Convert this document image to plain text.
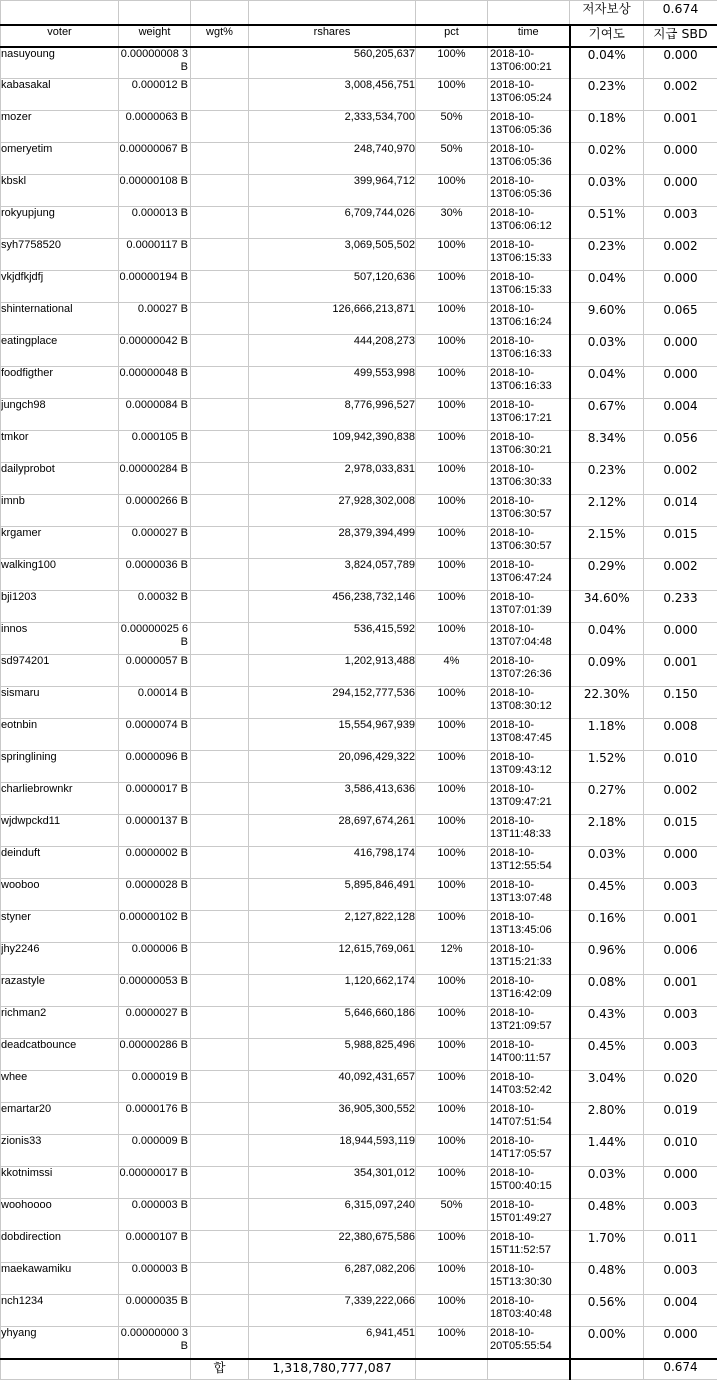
						저자보상	0.674
voter	weight	wgt%	rshares	pct	time	기여도	지급 SBD
nasuyoung	0.00000008 3 B		560,205,637	100%	2018-10-13T06:00:21	0.04%	0.000
kabasakal	0.000012 B		3,008,456,751	100%	2018-10-13T06:05:24	0.23%	0.002
mozer	0.0000063 B		2,333,534,700	50%	2018-10-13T06:05:36	0.18%	0.001
omeryetim	0.00000067 B		248,740,970	50%	2018-10-13T06:05:36	0.02%	0.000
kbskl	0.00000108 B		399,964,712	100%	2018-10-13T06:05:36	0.03%	0.000
rokyupjung	0.000013 B		6,709,744,026	30%	2018-10-13T06:06:12	0.51%	0.003
syh7758520	0.0000117 B		3,069,505,502	100%	2018-10-13T06:15:33	0.23%	0.002
vkjdfkjdfj	0.00000194 B		507,120,636	100%	2018-10-13T06:15:33	0.04%	0.000
shinternational	0.00027 B		126,666,213,871	100%	2018-10-13T06:16:24	9.60%	0.065
eatingplace	0.00000042 B		444,208,273	100%	2018-10-13T06:16:33	0.03%	0.000
foodfigther	0.00000048 B		499,553,998	100%	2018-10-13T06:16:33	0.04%	0.000
jungch98	0.0000084 B		8,776,996,527	100%	2018-10-13T06:17:21	0.67%	0.004
tmkor	0.000105 B		109,942,390,838	100%	2018-10-13T06:30:21	8.34%	0.056
dailyprobot	0.00000284 B		2,978,033,831	100%	2018-10-13T06:30:33	0.23%	0.002
imnb	0.0000266 B		27,928,302,008	100%	2018-10-13T06:30:57	2.12%	0.014
krgamer	0.000027 B		28,379,394,499	100%	2018-10-13T06:30:57	2.15%	0.015
walking100	0.0000036 B		3,824,057,789	100%	2018-10-13T06:47:24	0.29%	0.002
bji1203	0.00032 B		456,238,732,146	100%	2018-10-13T07:01:39	34.60%	0.233
innos	0.00000025 6 B		536,415,592	100%	2018-10-13T07:04:48	0.04%	0.000
sd974201	0.0000057 B		1,202,913,488	4%	2018-10-13T07:26:36	0.09%	0.001
sismaru	0.00014 B		294,152,777,536	100%	2018-10-13T08:30:12	22.30%	0.150
eotnbin	0.0000074 B		15,554,967,939	100%	2018-10-13T08:47:45	1.18%	0.008
springlining	0.0000096 B		20,096,429,322	100%	2018-10-13T09:43:12	1.52%	0.010
charliebrownkr	0.0000017 B		3,586,413,636	100%	2018-10-13T09:47:21	0.27%	0.002
wjdwpckd11	0.0000137 B		28,697,674,261	100%	2018-10-13T11:48:33	2.18%	0.015
deinduft	0.0000002 B		416,798,174	100%	2018-10-13T12:55:54	0.03%	0.000
wooboo	0.0000028 B		5,895,846,491	100%	2018-10-13T13:07:48	0.45%	0.003
styner	0.00000102 B		2,127,822,128	100%	2018-10-13T13:45:06	0.16%	0.001
jhy2246	0.000006 B		12,615,769,061	12%	2018-10-13T15:21:33	0.96%	0.006
razastyle	0.00000053 B		1,120,662,174	100%	2018-10-13T16:42:09	0.08%	0.001
richman2	0.0000027 B		5,646,660,186	100%	2018-10-13T21:09:57	0.43%	0.003
deadcatbounce	0.00000286 B		5,988,825,496	100%	2018-10-14T00:11:57	0.45%	0.003
whee	0.000019 B		40,092,431,657	100%	2018-10-14T03:52:42	3.04%	0.020
emartar20	0.0000176 B		36,905,300,552	100%	2018-10-14T07:51:54	2.80%	0.019
zionis33	0.000009 B		18,944,593,119	100%	2018-10-14T17:05:57	1.44%	0.010
kkotnimssi	0.00000017 B		354,301,012	100%	2018-10-15T00:40:15	0.03%	0.000
woohoooo	0.000003 B		6,315,097,240	50%	2018-10-15T01:49:27	0.48%	0.003
dobdirection	0.0000107 B		22,380,675,586	100%	2018-10-15T11:52:57	1.70%	0.011
maekawamiku	0.000003 B		6,287,082,206	100%	2018-10-15T13:30:30	0.48%	0.003
nch1234	0.0000035 B		7,339,222,066	100%	2018-10-18T03:40:48	0.56%	0.004
yhyang	0.00000000 3 B		6,941,451	100%	2018-10-20T05:55:54	0.00%	0.000
		합	1,318,780,777,087				0.674
